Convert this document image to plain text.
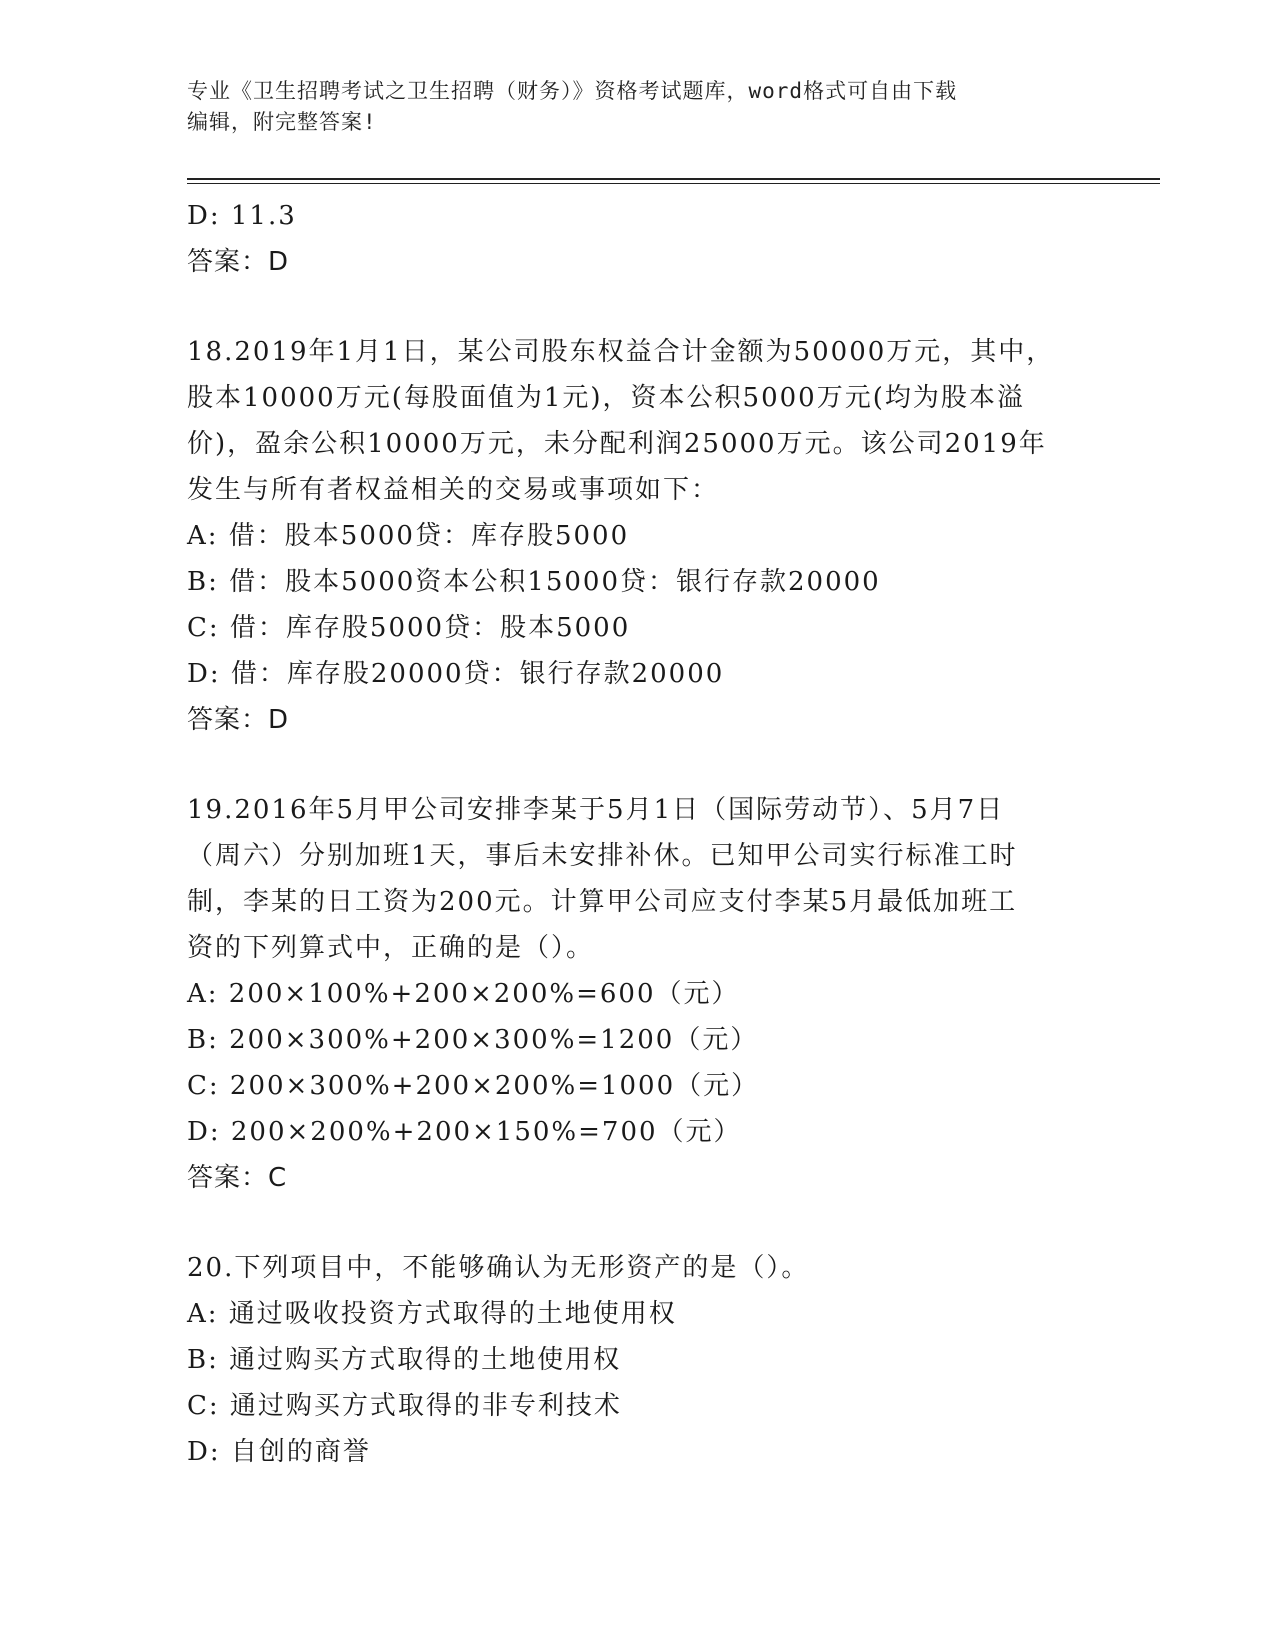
专业《卫生招聘考试之卫生招聘（财务）》资格考试题库，word格式可自由下载
编辑，附完整答案!
D: 11.3
答案：D
18.2019年1月1日，某公司股东权益合计金额为50000万元，其中，
股本10000万元(每股面值为1元)，资本公积5000万元(均为股本溢
价)，盈余公积10000万元，未分配利润25000万元。该公司2019年
发生与所有者权益相关的交易或事项如下：
A: 借：股本5000贷：库存股5000
B: 借：股本5000资本公积15000贷：银行存款20000
C: 借：库存股5000贷：股本5000
D: 借：库存股20000贷：银行存款20000
答案：D
19.2016年5月甲公司安排李某于5月1日（国际劳动节）、5月7日
（周六）分别加班1天，事后未安排补休。已知甲公司实行标准工时
制，李某的日工资为200元。计算甲公司应支付李某5月最低加班工
资的下列算式中，正确的是（）。
A: 200×100%+200×200%=600（元）
B: 200×300%+200×300%=1200（元）
C: 200×300%+200×200%=1000（元）
D: 200×200%+200×150%=700（元）
答案：C
20.下列项目中，不能够确认为无形资产的是（）。
A: 通过吸收投资方式取得的土地使用权
B: 通过购买方式取得的土地使用权
C: 通过购买方式取得的非专利技术
D: 自创的商誉
